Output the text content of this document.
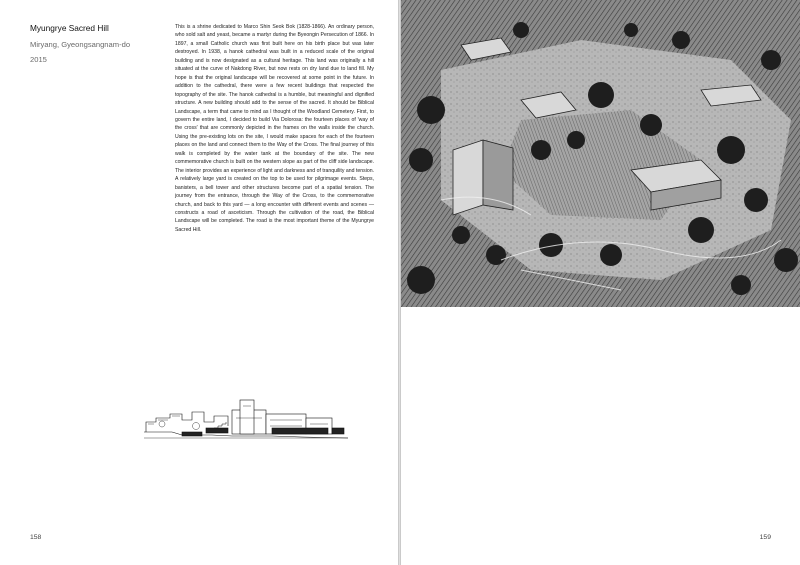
Myungrye Sacred Hill
Miryang, Gyeongsangnam-do
2015

This is a shrine dedicated to Marco Shin Seok Bok (1828-1866). An ordinary person, who sold salt and yeast, became a martyr during the Byeongin Persecution of 1866. In 1897, a small Catholic church was first built here on his birth place but was later destroyed. In 1938, a hanok cathedral was built in a reduced scale of the original building and is now designated as a cultural heritage. This land was originally a hill situated at the curve of Nakdong River, but now rests on dry land due to land fill. My hope is that the original landscape will be recovered at some point in the future. In addition to the cathedral, there were a few recent buildings that respected the topography of the site. The hanok cathedral is a humble, but meaningful and dignified structure. A new building should add to the sense of the sacred. It should be Biblical Landscape, a term that came to mind as I thought of the Woodland Cemetery. First, to govern the entire land, I decided to build Via Dolorosa: the fourteen places of 'way of the cross' that are commonly depicted in the frames on the walls inside the church. Using the pre-existing lots on the site, I would make spaces for each of the fourteen places on the land and connect them to the Way of the Cross. The final journey of this walk is completed by the water tank at the boundary of the site. The new commemorative church is built on the western slope as part of the cliff side landscape. The interior provides an experience of light and darkness and of tranquility and tension. A relatively large yard is created on the top to be used for pilgrimage events. Steps, banisters, a bell tower and other structures become part of a spatial tension. The journey from the entrance, through the Way of the Cross, to the commemorative church, and back to this yard — a long encounter with different events and scenes — constructs a road of asceticism. Through the cultivation of the road, the Biblical Landscape will be completed. The road is the most important theme of the Myungrye Sacred Hill.

158	159
